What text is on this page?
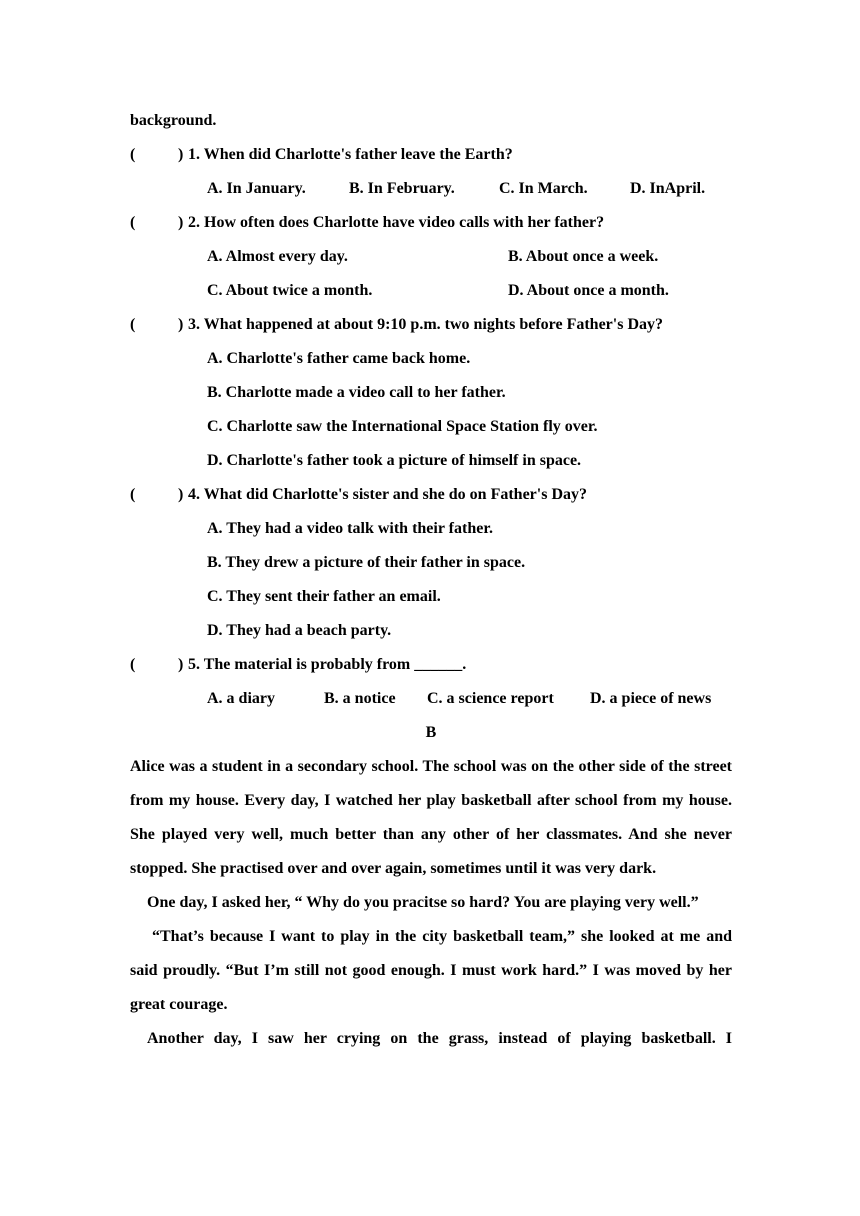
background.
(	) 1. When did Charlotte's father leave the Earth?
A. In January.	B. In February.	C. In March.	D. InApril.
(	) 2. How often does Charlotte have video calls with her father?
A. Almost every day.	B. About once a week.
C. About twice a month.	D. About once a month.
(	) 3. What happened at about 9:10 p.m. two nights before Father's Day?
A. Charlotte's father came back home.
B. Charlotte made a video call to her father.
C. Charlotte saw the International Space Station fly over.
D. Charlotte's father took a picture of himself in space.
(	) 4. What did Charlotte's sister and she do on Father's Day?
A. They had a video talk with their father.
B. They drew a picture of their father in space.
C. They sent their father an email.
D. They had a beach party.
(	) 5. The material is probably from ______.
A. a diary	B. a notice C. a science report D. a piece of news
B

Alice was a student in a secondary school. The school was on the other side of the street from my house. Every day, I watched her play basketball after school from my house. She played very well, much better than any other of her classmates. And she never stopped. She practised over and over again, sometimes until it was very dark.

One day, I asked her, “ Why do you pracitse so hard? You are playing very well.”

“That’s because I want to play in the city basketball team,” she looked at me and said proudly. “But I’m still not good enough. I must work hard.” I was moved by her great courage.

Another day, I saw her crying on the grass, instead of playing basketball. I
